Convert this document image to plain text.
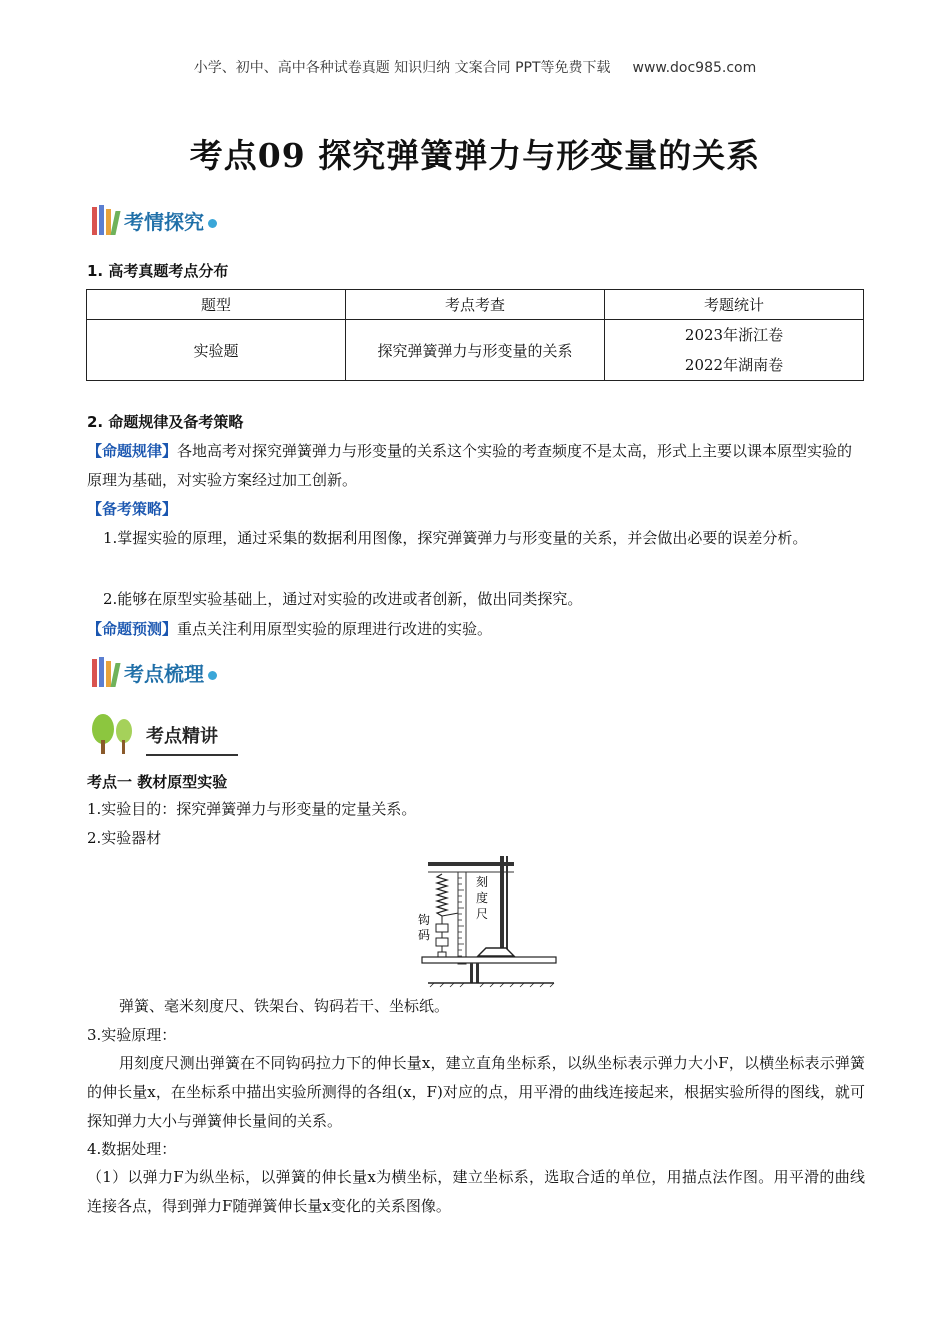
小学、初中、高中各种试卷真题 知识归纳 文案合同 PPT等免费下载 www.doc985.com
考点09 探究弹簧弹力与形变量的关系
考情探究
1. 高考真题考点分布
题型	考点考查	考题统计
实验题	探究弹簧弹力与形变量的关系	2023年浙江卷
2022年湖南卷
2. 命题规律及备考策略
【命题规律】各地高考对探究弹簧弹力与形变量的关系这个实验的考查频度不是太高，形式上主要以课本原型实验的原理为基础，对实验方案经过加工创新。
【备考策略】
1.掌握实验的原理，通过采集的数据利用图像，探究弹簧弹力与形变量的关系，并会做出必要的误差分析。
2.能够在原型实验基础上，通过对实验的改进或者创新，做出同类探究。
【命题预测】重点关注利用原型实验的原理进行改进的实验。
考点梳理
考点精讲
考点一 教材原型实验
1.实验目的：探究弹簧弹力与形变量的定量关系。
2.实验器材
刻
度
尺
钩
码
弹簧、毫米刻度尺、铁架台、钩码若干、坐标纸。
3.实验原理：
用刻度尺测出弹簧在不同钩码拉力下的伸长量x，建立直角坐标系，以纵坐标表示弹力大小F，以横坐标表示弹簧的伸长量x，在坐标系中描出实验所测得的各组(x，F)对应的点，用平滑的曲线连接起来，根据实验所得的图线，就可探知弹力大小与弹簧伸长量间的关系。
4.数据处理：
（1）以弹力F为纵坐标，以弹簧的伸长量x为横坐标，建立坐标系，选取合适的单位，用描点法作图。用平滑的曲线连接各点，得到弹力F随弹簧伸长量x变化的关系图像。
